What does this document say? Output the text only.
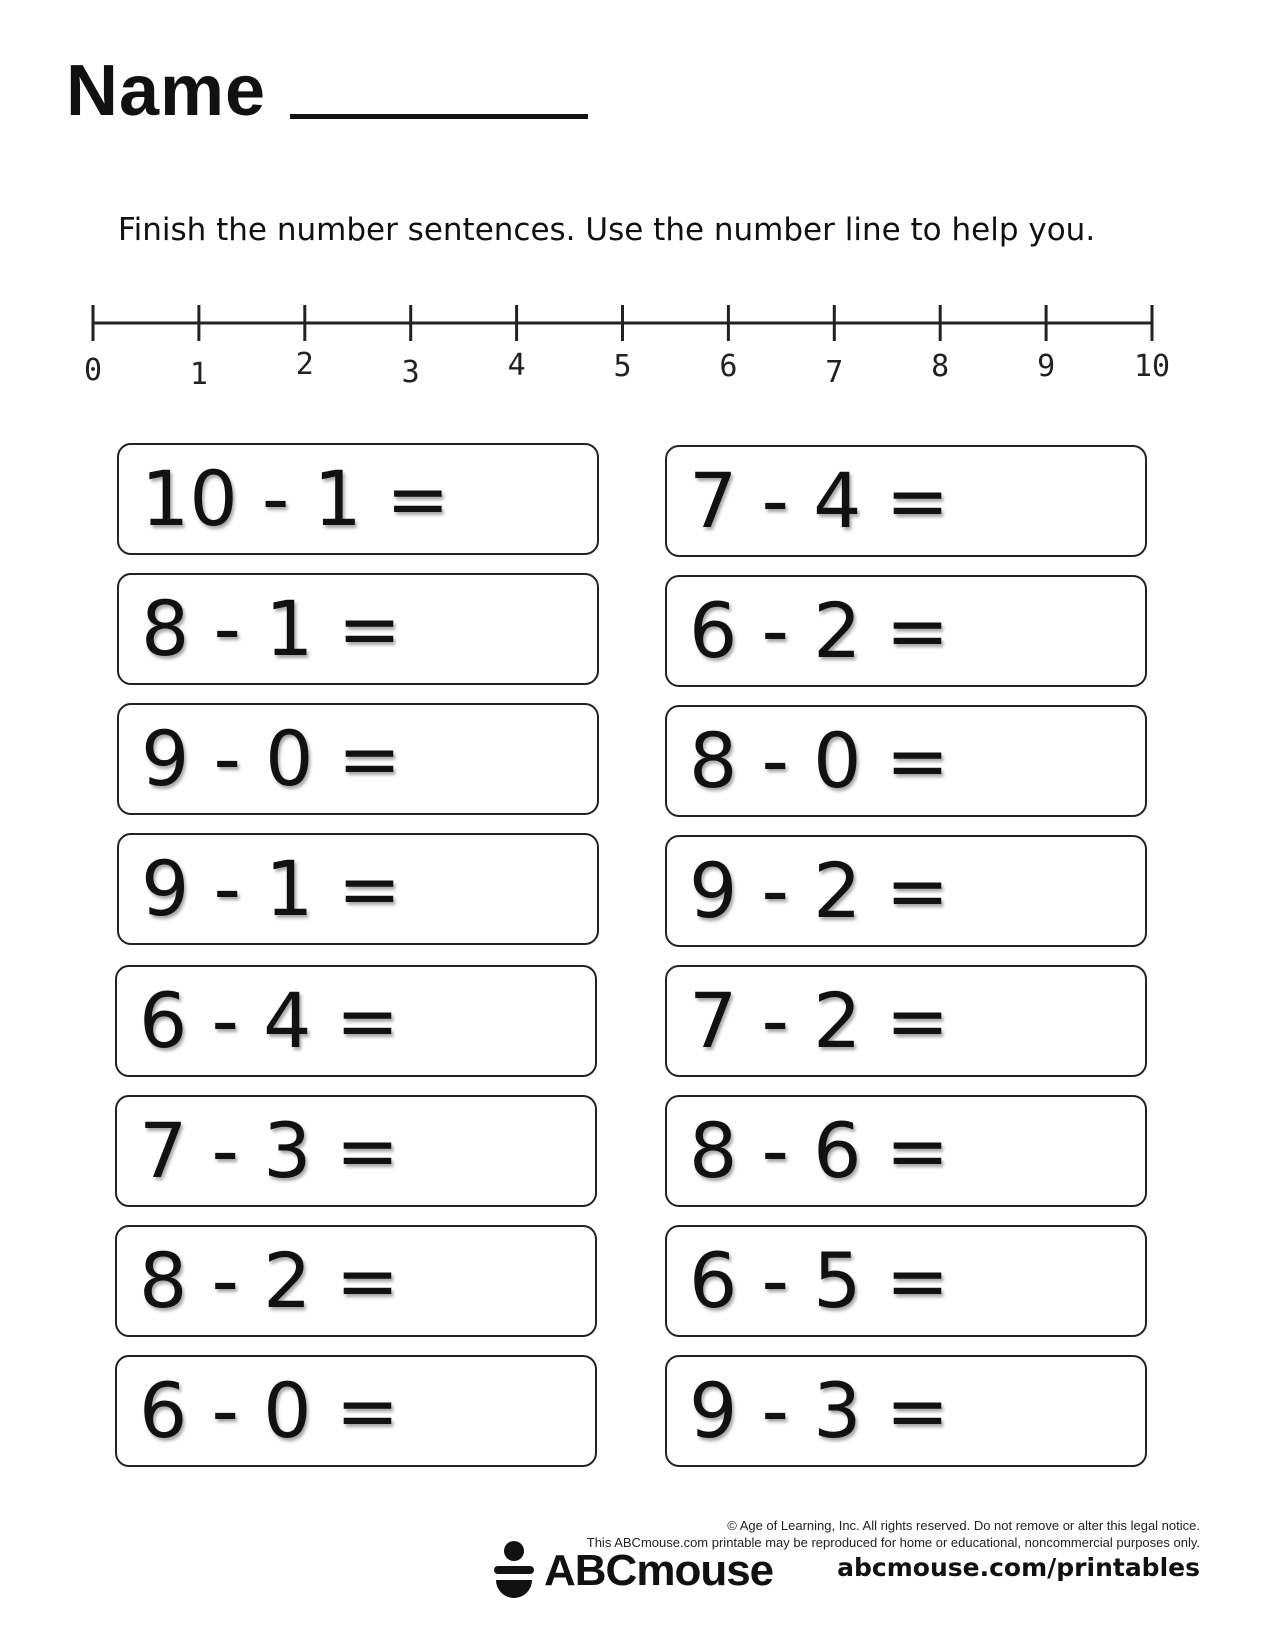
Name
Finish the number sentences. Use the number line to help you.
0	1	2	3	4	5	6	7	8	9	10
10 - 1 =
8 - 1 =
9 - 0 =
9 - 1 =
6 - 4 =
7 - 3 =
8 - 2 =
6 - 0 =
7 - 4 =
6 - 2 =
8 - 0 =
9 - 2 =
7 - 2 =
8 - 6 =
6 - 5 =
9 - 3 =
© Age of Learning, Inc. All rights reserved. Do not remove or alter this legal notice.
This ABCmouse.com printable may be reproduced for home or educational, noncommercial purposes only.
ABCmouse	abcmouse.com/printables
